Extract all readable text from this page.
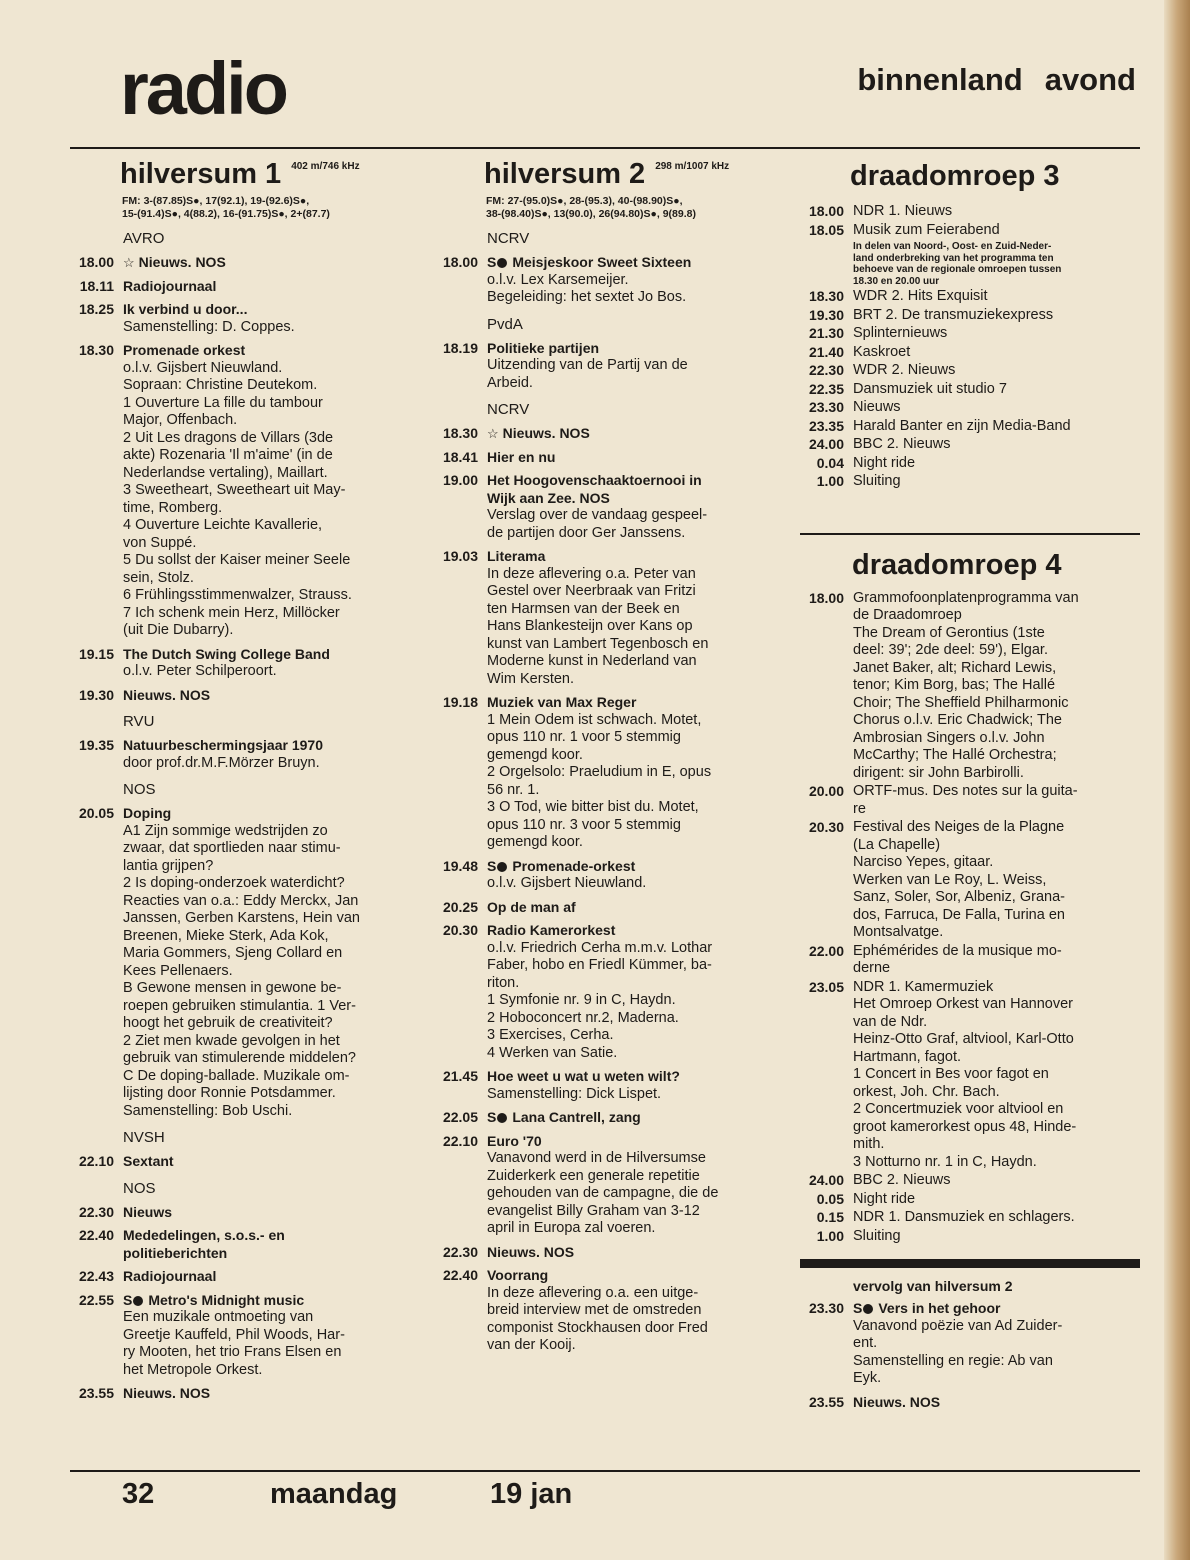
radio	binnenland avond
hilversum 1 $^{402 m/746 kHz}$
FM: 3-(87.85)S●, 17(92.1), 19-(92.6)S●,
15-(91.4)S●, 4(88.2), 16-(91.75)S●, 2+(87.7)
AVRO
18.00 ☆ Nieuws. NOS
18.11 Radiojournaal
18.25 Ik verbind u door...
Samenstelling: D. Coppes.
18.30 Promenade orkest
o.l.v. Gijsbert Nieuwland.
Sopraan: Christine Deutekom.
1 Ouverture La fille du tambour
Major, Offenbach.
2 Uit Les dragons de Villars (3de
akte) Rozenaria 'Il m'aime' (in de
Nederlandse vertaling), Maillart.
3 Sweetheart, Sweetheart uit May-
time, Romberg.
4 Ouverture Leichte Kavallerie,
von Suppé.
5 Du sollst der Kaiser meiner Seele
sein, Stolz.
6 Frühlingsstimmenwalzer, Strauss.
7 Ich schenk mein Herz, Millöcker
(uit Die Dubarry).
19.15 The Dutch Swing College Band
o.l.v. Peter Schilperoort.
19.30 Nieuws. NOS
RVU
19.35 Natuurbeschermingsjaar 1970
door prof.dr.M.F.Mörzer Bruyn.
NOS
20.05 Doping
A1 Zijn sommige wedstrijden zo
zwaar, dat sportlieden naar stimu-
lantia grijpen?
2 Is doping-onderzoek waterdicht?
Reacties van o.a.: Eddy Merckx, Jan
Janssen, Gerben Karstens, Hein van
Breenen, Mieke Sterk, Ada Kok,
Maria Gommers, Sjeng Collard en
Kees Pellenaers.
B Gewone mensen in gewone be-
roepen gebruiken stimulantia. 1 Ver-
hoogt het gebruik de creativiteit?
2 Ziet men kwade gevolgen in het
gebruik van stimulerende middelen?
C De doping-ballade. Muzikale om-
lijsting door Ronnie Potsdammer.
Samenstelling: Bob Uschi.
NVSH
22.10 Sextant
NOS
22.30 Nieuws
22.40 Mededelingen, s.o.s.- en
politieberichten
22.43 Radiojournaal
22.55 S Metro's Midnight music
Een muzikale ontmoeting van
Greetje Kauffeld, Phil Woods, Har-
ry Mooten, het trio Frans Elsen en
het Metropole Orkest.
23.55 Nieuws. NOS
hilversum 2 $^{298 m/1007 kHz}$
FM: 27-(95.0)S●, 28-(95.3), 40-(98.90)S●,
38-(98.40)S●, 13(90.0), 26(94.80)S●, 9(89.8)
NCRV
18.00 S Meisjeskoor Sweet Sixteen
o.l.v. Lex Karsemeijer.
Begeleiding: het sextet Jo Bos.
PvdA
18.19 Politieke partijen
Uitzending van de Partij van de
Arbeid.
NCRV
18.30 ☆ Nieuws. NOS
18.41 Hier en nu
19.00 Het Hoogovenschaaktoernooi in
Wijk aan Zee. NOS
Verslag over de vandaag gespeel-
de partijen door Ger Janssens.
19.03 Literama
In deze aflevering o.a. Peter van
Gestel over Neerbraak van Fritzi
ten Harmsen van der Beek en
Hans Blankesteijn over Kans op
kunst van Lambert Tegenbosch en
Moderne kunst in Nederland van
Wim Kersten.
19.18 Muziek van Max Reger
1 Mein Odem ist schwach. Motet,
opus 110 nr. 1 voor 5 stemmig
gemengd koor.
2 Orgelsolo: Praeludium in E, opus
56 nr. 1.
3 O Tod, wie bitter bist du. Motet,
opus 110 nr. 3 voor 5 stemmig
gemengd koor.
19.48 S Promenade-orkest
o.l.v. Gijsbert Nieuwland.
20.25 Op de man af
20.30 Radio Kamerorkest
o.l.v. Friedrich Cerha m.m.v. Lothar
Faber, hobo en Friedl Kümmer, ba-
riton.
1 Symfonie nr. 9 in C, Haydn.
2 Hoboconcert nr.2, Maderna.
3 Exercises, Cerha.
4 Werken van Satie.
21.45 Hoe weet u wat u weten wilt?
Samenstelling: Dick Lispet.
22.05 S Lana Cantrell, zang
22.10 Euro '70
Vanavond werd in de Hilversumse
Zuiderkerk een generale repetitie
gehouden van de campagne, die de
evangelist Billy Graham van 3-12
april in Europa zal voeren.
22.30 Nieuws. NOS
22.40 Voorrang
In deze aflevering o.a. een uitge-
breid interview met de omstreden
componist Stockhausen door Fred
van der Kooij.
draadomroep 3
18.00 NDR 1. Nieuws
18.05 Musik zum Feierabend
In delen van Noord-, Oost- en Zuid-Neder-
land onderbreking van het programma ten
behoeve van de regionale omroepen tussen
18.30 en 20.00 uur
18.30 WDR 2. Hits Exquisit
19.30 BRT 2. De transmuziekexpress
21.30 Splinternieuws
21.40 Kaskroet
22.30 WDR 2. Nieuws
22.35 Dansmuziek uit studio 7
23.30 Nieuws
23.35 Harald Banter en zijn Media-Band
24.00 BBC 2. Nieuws
0.04 Night ride
1.00 Sluiting
draadomroep 4
18.00 Grammofoonplatenprogramma van
de Draadomroep
The Dream of Gerontius (1ste
deel: 39'; 2de deel: 59'), Elgar.
Janet Baker, alt; Richard Lewis,
tenor; Kim Borg, bas; The Hallé
Choir; The Sheffield Philharmonic
Chorus o.l.v. Eric Chadwick; The
Ambrosian Singers o.l.v. John
McCarthy; The Hallé Orchestra;
dirigent: sir John Barbirolli.
20.00 ORTF-mus. Des notes sur la guita-
re
20.30 Festival des Neiges de la Plagne
(La Chapelle)
Narciso Yepes, gitaar.
Werken van Le Roy, L. Weiss,
Sanz, Soler, Sor, Albeniz, Grana-
dos, Farruca, De Falla, Turina en
Montsalvatge.
22.00 Ephémérides de la musique mo-
derne
23.05 NDR 1. Kamermuziek
Het Omroep Orkest van Hannover
van de Ndr.
Heinz-Otto Graf, altviool, Karl-Otto
Hartmann, fagot.
1 Concert in Bes voor fagot en
orkest, Joh. Chr. Bach.
2 Concertmuziek voor altviool en
groot kamerorkest opus 48, Hinde-
mith.
3 Notturno nr. 1 in C, Haydn.
24.00 BBC 2. Nieuws
0.05 Night ride
0.15 NDR 1. Dansmuziek en schlagers.
1.00 Sluiting
vervolg van hilversum 2
23.30 S Vers in het gehoor
Vanavond poëzie van Ad Zuider-
ent.
Samenstelling en regie: Ab van
Eyk.
23.55 Nieuws. NOS
32	maandag	19 jan
